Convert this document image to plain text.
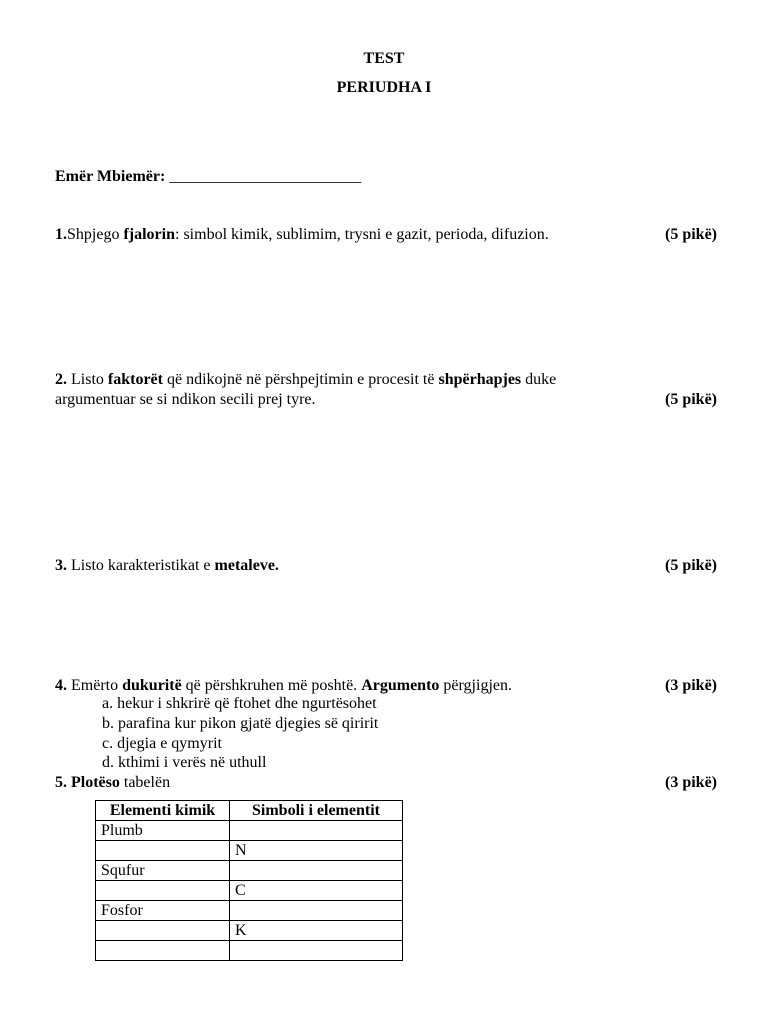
TEST
PERIUDHA I
Emër Mbiemër: ________________________
1.Shpjego fjalorin: simbol kimik, sublimim, trysni e gazit, perioda, difuzion.	(5 pikë)
2. Listo faktorët që ndikojnë në përshpejtimin e procesit të shpërhapjes duke
argumentuar se si ndikon secili prej tyre.	(5 pikë)
3. Listo karakteristikat e metaleve.	(5 pikë)
4. Emërto dukuritë që përshkruhen më poshtë. Argumento përgjigjen.	(3 pikë)
a. hekur i shkrirë që ftohet dhe ngurtësohet
b. parafina kur pikon gjatë djegies së qiririt
c. djegia e qymyrit
d. kthimi i verës në uthull
5. Plotëso tabelën	(3 pikë)
Elementi kimik	Simboli i elementit
Plumb	
	N
Squfur	
	C
Fosfor	
	K
